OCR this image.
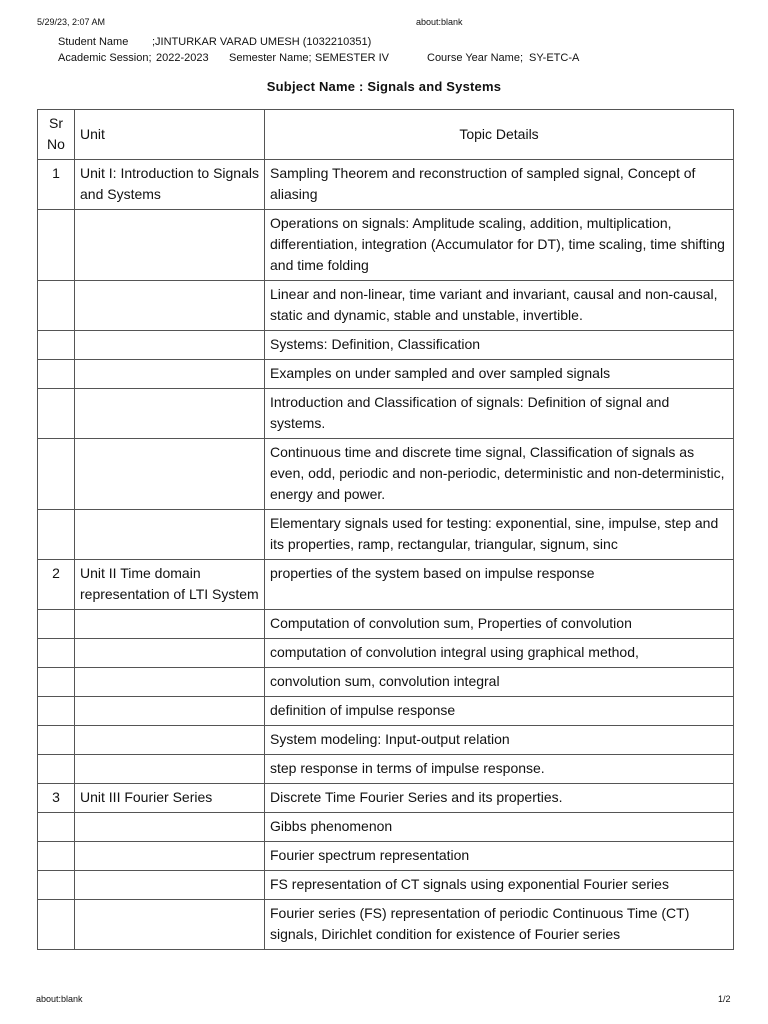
5/29/23, 2:07 AM	about:blank
Student Name ;JINTURKAR VARAD UMESH (1032210351)
Academic Session; 2022-2023 Semester Name; SEMESTER IV	Course Year Name; SY-ETC-A
Subject Name : Signals and Systems
Sr No	Unit	Topic Details
1	Unit I: Introduction to Signals and Systems	Sampling Theorem and reconstruction of sampled signal, Concept of aliasing
		Operations on signals: Amplitude scaling, addition, multiplication, differentiation, integration (Accumulator for DT), time scaling, time shifting and time folding
		Linear and non-linear, time variant and invariant, causal and non-causal, static and dynamic, stable and unstable, invertible.
		Systems: Definition, Classification
		Examples on under sampled and over sampled signals
		Introduction and Classification of signals: Definition of signal and systems.
		Continuous time and discrete time signal, Classification of signals as even, odd, periodic and non-periodic, deterministic and non-deterministic, energy and power.
		Elementary signals used for testing: exponential, sine, impulse, step and its properties, ramp, rectangular, triangular, signum, sinc
2	Unit II Time domain representation of LTI System	properties of the system based on impulse response
		Computation of convolution sum, Properties of convolution
		computation of convolution integral using graphical method,
		convolution sum, convolution integral
		definition of impulse response
		System modeling: Input-output relation
		step response in terms of impulse response.
3	Unit III Fourier Series	Discrete Time Fourier Series and its properties.
		Gibbs phenomenon
		Fourier spectrum representation
		FS representation of CT signals using exponential Fourier series
		Fourier series (FS) representation of periodic Continuous Time (CT) signals, Dirichlet condition for existence of Fourier series
about:blank	1/2
